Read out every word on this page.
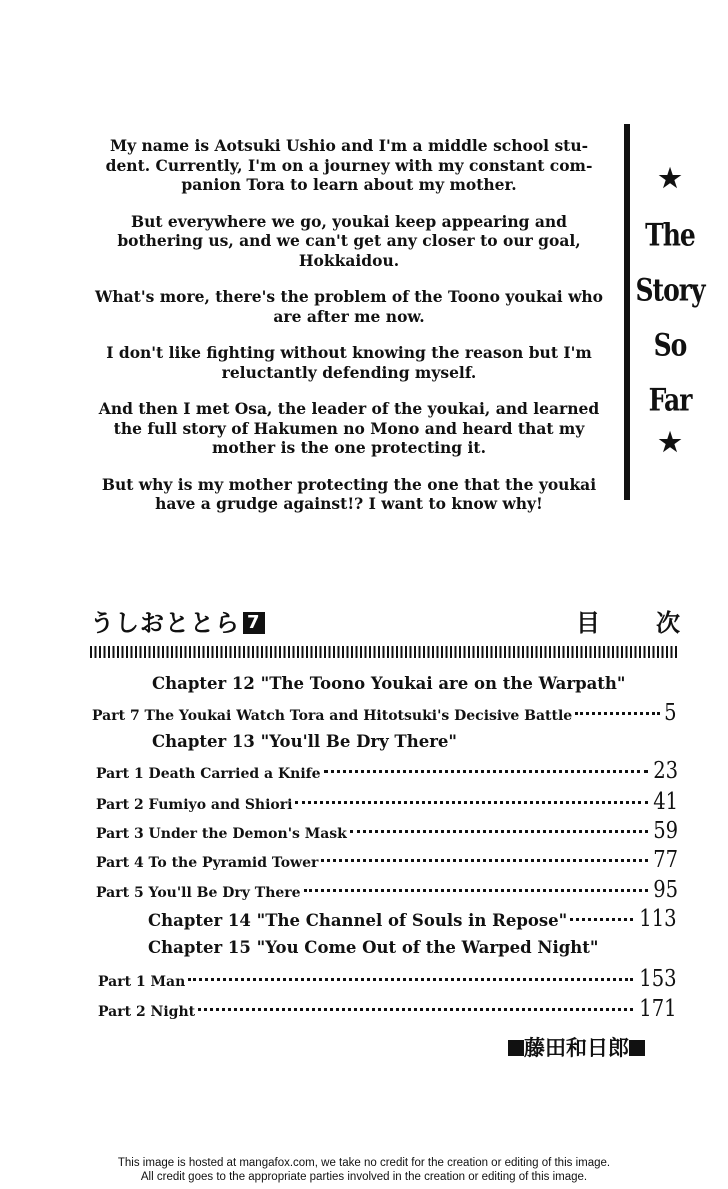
My name is Aotsuki Ushio and I'm a middle school stu-
dent. Currently, I'm on a journey with my constant com-
panion Tora to learn about my mother.

But everywhere we go, youkai keep appearing and
bothering us, and we can't get any closer to our goal,
Hokkaidou.

What's more, there's the problem of the Toono youkai who
are after me now.

I don't like fighting without knowing the reason but I'm
reluctantly defending myself.

And then I met Osa, the leader of the youkai, and learned
the full story of Hakumen no Mono and heard that my
mother is the one protecting it.

But why is my mother protecting the one that the youkai
have a grudge against!? I want to know why!

★
The
Story
So
Far
★
うしおととら 7	目 次
Chapter 12 "The Toono Youkai are on the Warpath"
Part 7 The Youkai Watch Tora and Hitotsuki's Decisive Battle	5
Chapter 13 "You'll Be Dry There"
Part 1 Death Carried a Knife	23
Part 2 Fumiyo and Shiori	41
Part 3 Under the Demon's Mask	59
Part 4 To the Pyramid Tower	77
Part 5 You'll Be Dry There	95
Chapter 14 "The Channel of Souls in Repose"	113
Chapter 15 "You Come Out of the Warped Night"
Part 1 Man	153
Part 2 Night	171
藤田和日郎
This image is hosted at mangafox.com, we take no credit for the creation or editing of this image.
All credit goes to the appropriate parties involved in the creation or editing of this image.
